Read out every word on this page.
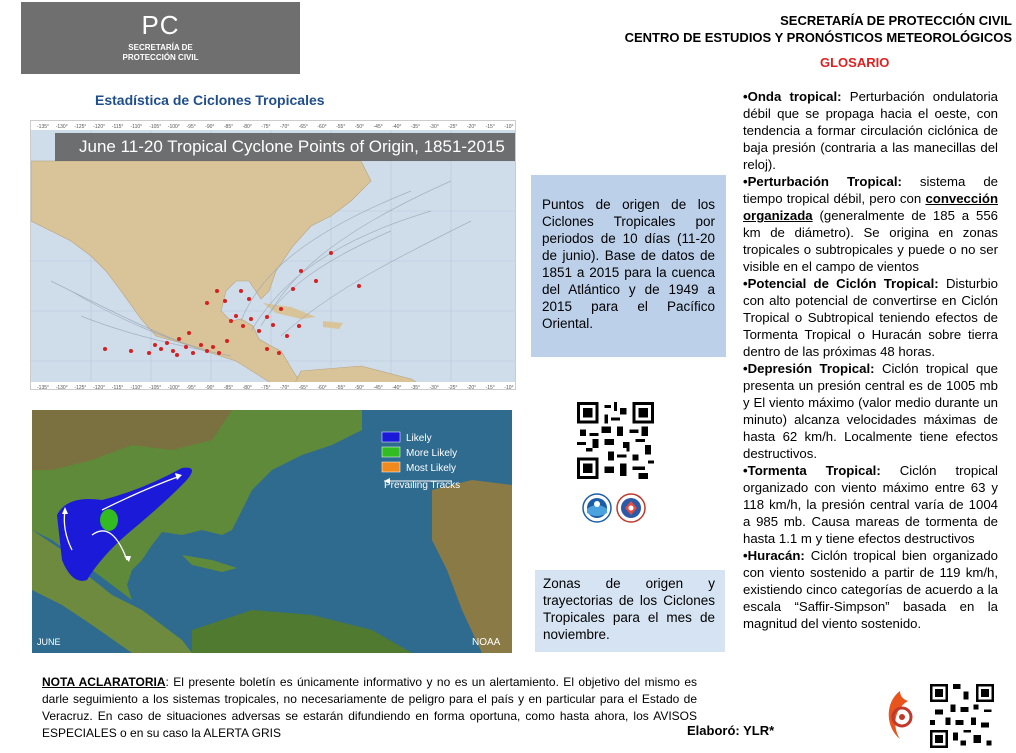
PC
SECRETARÍA DE
PROTECCIÓN CIVIL
SECRETARÍA DE PROTECCIÓN CIVIL
CENTRO DE ESTUDIOS Y PRONÓSTICOS METEOROLÓGICOS
GLOSARIO
Estadística de Ciclones Tropicales
-135° -130° -125° -120° -115° -110° -105° -100° -95° -90° -85° -80° -75° -70° -65° -60° -55° -50° -45° -40° -35° -30° -25° -20° -15° -10°
-135° -130° -125° -120° -115° -110° -105° -100° -95° -90° -85° -80° -75° -70° -65° -60° -55° -50° -45° -40° -35° -30° -25° -20° -15° -10°
June 11-20 Tropical Cyclone Points of Origin, 1851-2015
Puntos de origen de los Ciclones Tropicales por periodos de 10 días (11-20 de junio). Base de datos de 1851 a 2015 para la cuenca del Atlántico y de 1949 a 2015 para el Pacífico Oriental.
Likely
More Likely
Most Likely
Prevailing Tracks
JUNE	NOAA
Zonas de origen y trayectorias de los Ciclones Tropicales para el mes de noviembre.

•Onda tropical: Perturbación ondulatoria débil que se propaga hacia el oeste, con tendencia a formar circulación ciclónica de baja presión (contraria a las manecillas del reloj).

•Perturbación Tropical: sistema de tiempo tropical débil, pero con convección organizada (generalmente de 185 a 556 km de diámetro). Se origina en zonas tropicales o subtropicales y puede o no ser visible en el campo de vientos

•Potencial de Ciclón Tropical: Disturbio con alto potencial de convertirse en Ciclón Tropical o Subtropical teniendo efectos de Tormenta Tropical o Huracán sobre tierra dentro de las próximas 48 horas.

•Depresión Tropical: Ciclón tropical que presenta un presión central es de 1005 mb y El viento máximo (valor medio durante un minuto) alcanza velocidades máximas de hasta 62 km/h. Localmente tiene efectos destructivos.

•Tormenta Tropical: Ciclón tropical organizado con viento máximo entre 63 y 118 km/h, la presión central varía de 1004 a 985 mb. Causa mareas de tormenta de hasta 1.1 m y tiene efectos destructivos

•Huracán: Ciclón tropical bien organizado con viento sostenido a partir de 119 km/h, existiendo cinco categorías de acuerdo a la escala “Saffir-Simpson” basada en la magnitud del viento sostenido.

NOTA ACLARATORIA: El presente boletín es únicamente informativo y no es un alertamiento. El objetivo del mismo es darle seguimiento a los sistemas tropicales, no necesariamente de peligro para el país y en particular para el Estado de Veracruz. En caso de situaciones adversas se estarán difundiendo en forma oportuna, como hasta ahora, los AVISOS ESPECIALES o en su caso la ALERTA GRIS	Elaboró: YLR*
